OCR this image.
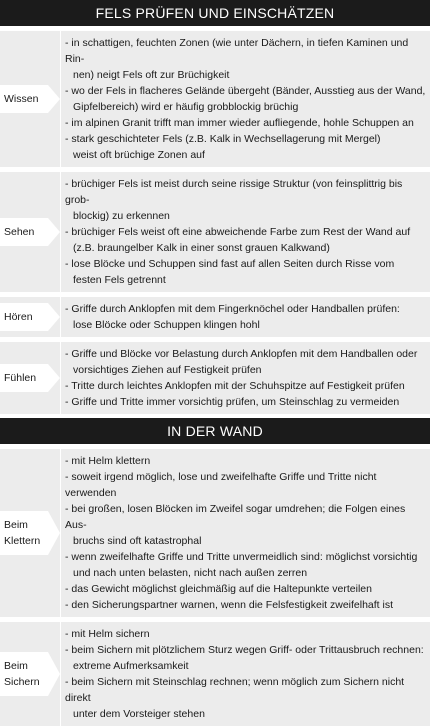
FELS PRÜFEN UND EINSCHÄTZEN
Wissen
- in schattigen, feuchten Zonen (wie unter Dächern, in tiefen Kaminen und Rin-
nen) neigt Fels oft zur Brüchigkeit
- wo der Fels in flacheres Gelände übergeht (Bänder, Ausstieg aus der Wand,
Gipfelbereich) wird er häufig grobblockig brüchig
- im alpinen Granit trifft man immer wieder aufliegende, hohle Schuppen an
- stark geschichteter Fels (z.B. Kalk in Wechsellagerung mit Mergel)
weist oft brüchige Zonen auf
Sehen
- brüchiger Fels ist meist durch seine rissige Struktur (von feinsplittrig bis grob-
blockig) zu erkennen
- brüchiger Fels weist oft eine abweichende Farbe zum Rest der Wand auf
(z.B. braungelber Kalk in einer sonst grauen Kalkwand)
- lose Blöcke und Schuppen sind fast auf allen Seiten durch Risse vom
festen Fels getrennt
Hören
- Griffe durch Anklopfen mit dem Fingerknöchel oder Handballen prüfen:
lose Blöcke oder Schuppen klingen hohl
Fühlen
- Griffe und Blöcke vor Belastung durch Anklopfen mit dem Handballen oder
vorsichtiges Ziehen auf Festigkeit prüfen
- Tritte durch leichtes Anklopfen mit der Schuhspitze auf Festigkeit prüfen
- Griffe und Tritte immer vorsichtig prüfen, um Steinschlag zu vermeiden
IN DER WAND
Beim
Klettern
- mit Helm klettern
- soweit irgend möglich, lose und zweifelhafte Griffe und Tritte nicht verwenden
- bei großen, losen Blöcken im Zweifel sogar umdrehen; die Folgen eines Aus-
bruchs sind oft katastrophal
- wenn zweifelhafte Griffe und Tritte unvermeidlich sind: möglichst vorsichtig
und nach unten belasten, nicht nach außen zerren
- das Gewicht möglichst gleichmäßig auf die Haltepunkte verteilen
- den Sicherungspartner warnen, wenn die Felsfestigkeit zweifelhaft ist
Beim
Sichern
- mit Helm sichern
- beim Sichern mit plötzlichem Sturz wegen Griff- oder Trittausbruch rechnen:
extreme Aufmerksamkeit
- beim Sichern mit Steinschlag rechnen; wenn möglich zum Sichern nicht direkt
unter dem Vorsteiger stehen
